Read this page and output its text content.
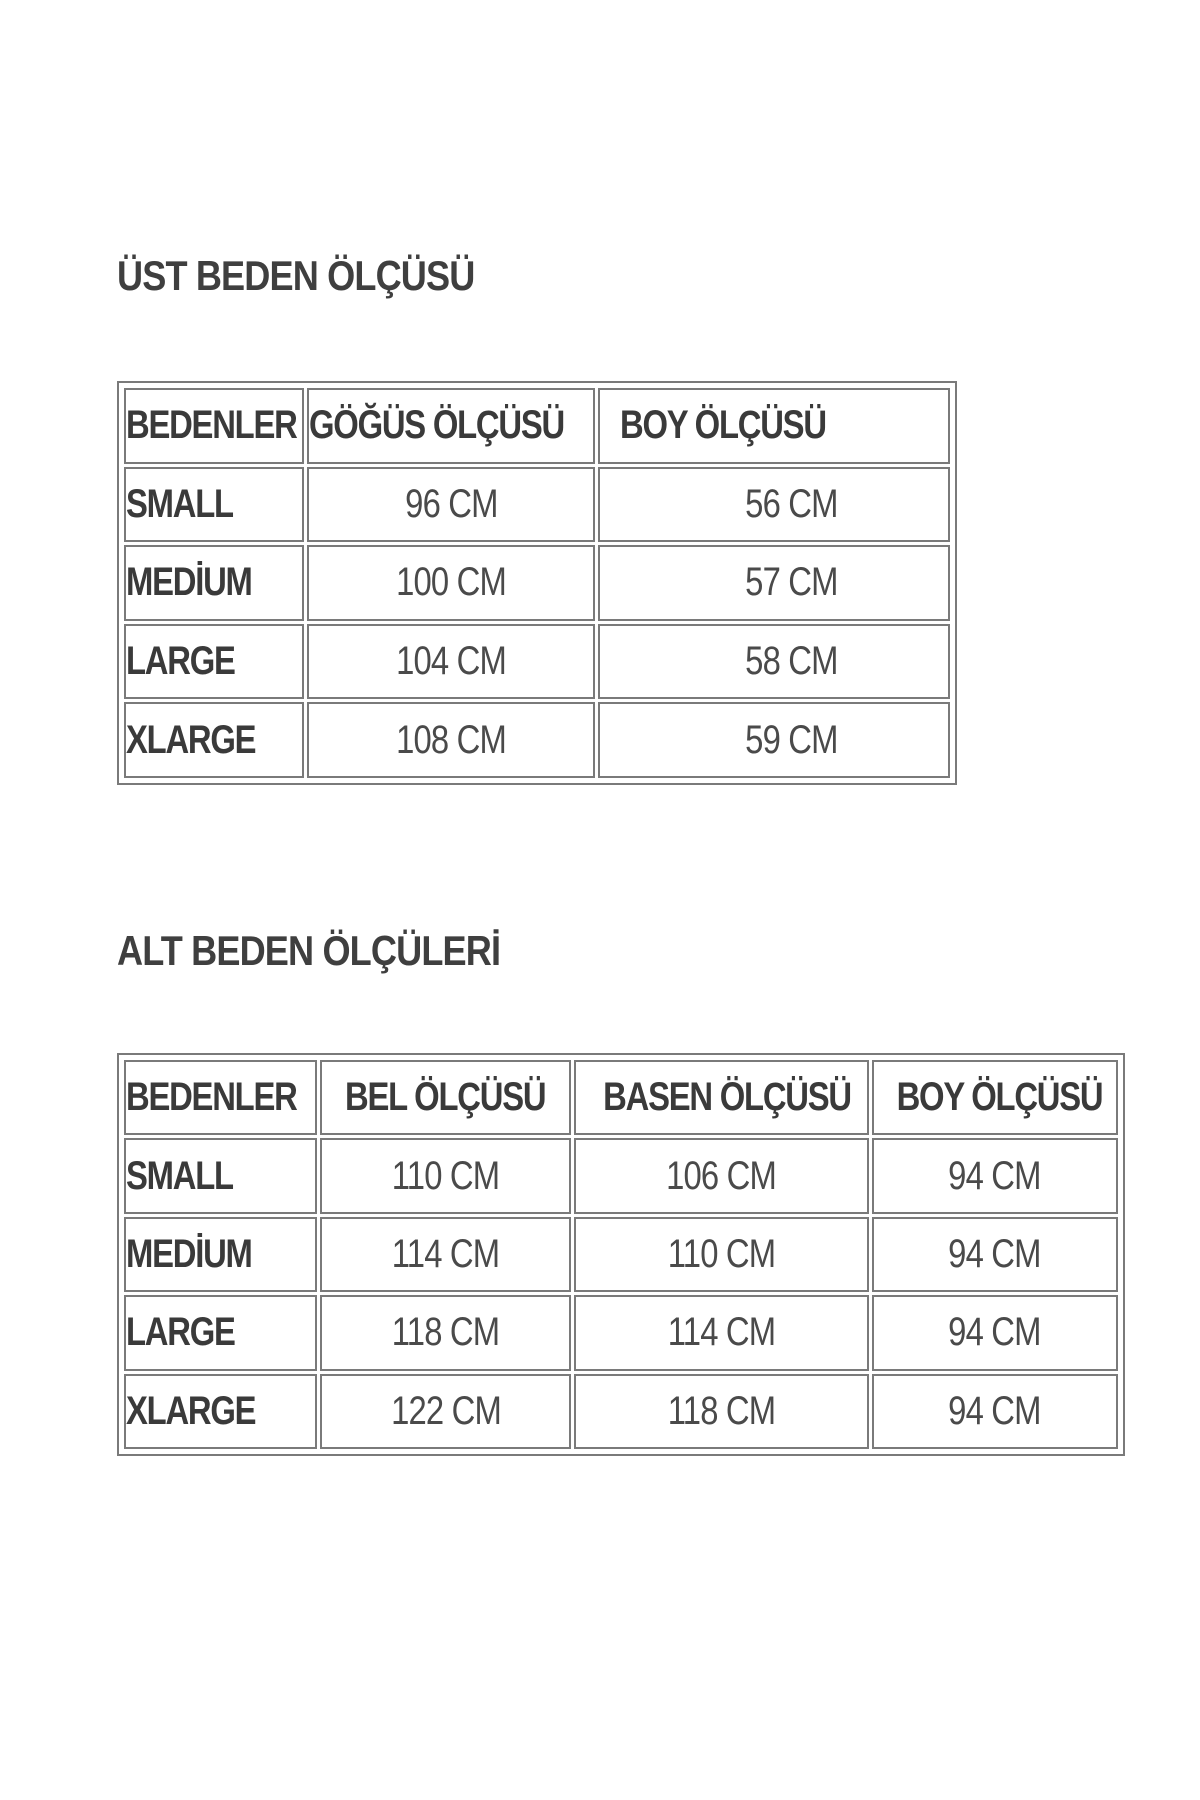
ÜST BEDEN ÖLÇÜSÜ
BEDENLER	GÖĞÜS ÖLÇÜSÜ	BOY ÖLÇÜSÜ
SMALL	96 CM	56 CM
MEDİUM	100 CM	57 CM
LARGE	104 CM	58 CM
XLARGE	108 CM	59 CM
ALT BEDEN ÖLÇÜLERİ
BEDENLER	BEL ÖLÇÜSÜ	BASEN ÖLÇÜSÜ	BOY ÖLÇÜSÜ
SMALL	110 CM	106 CM	94 CM
MEDİUM	114 CM	110 CM	94 CM
LARGE	118 CM	114 CM	94 CM
XLARGE	122 CM	118 CM	94 CM
